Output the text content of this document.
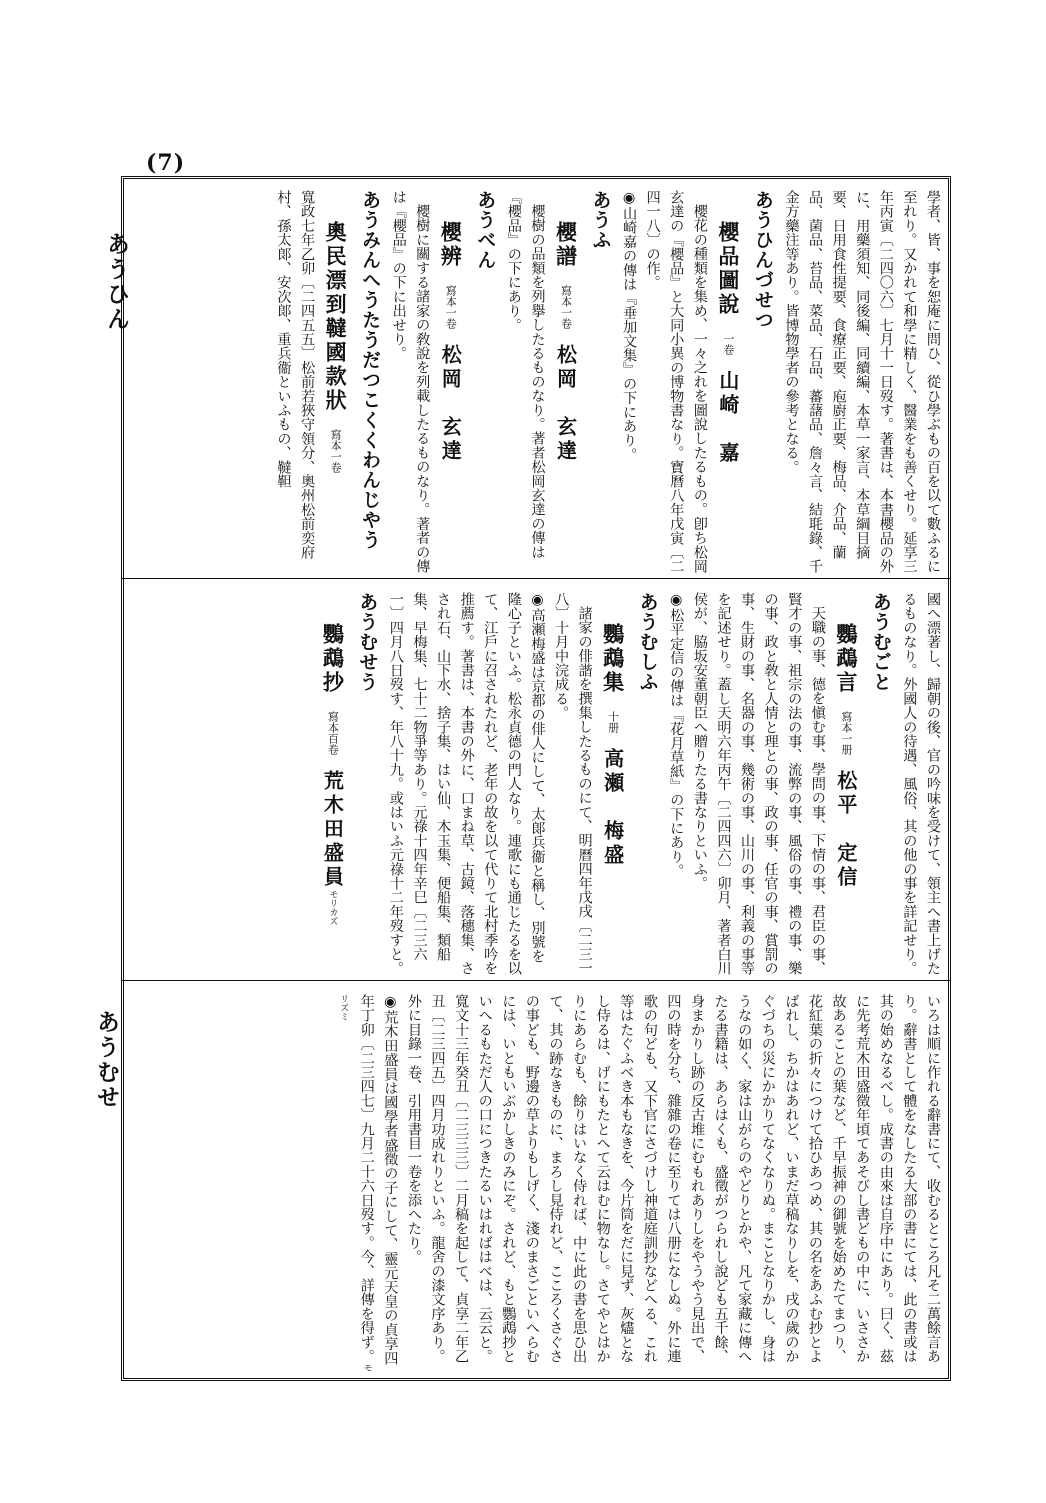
(7)
あうひん
あうむせ

學者、皆、事を恕庵に問ひ、從ひ學ぶもの百を以て數ふるに至れり。又かれて和學に精しく、醫業をも善くせり。延享三年丙寅〔二四〇六〕七月十一日歿す。著書は、本書櫻品の外に、用藥須知、同後編、同續編、本草一家言、本草綱目摘要、日用食性提要、食療正要、庖廚正要、梅品、介品、蘭品、菌品、苔品、菜品、石品、蕃藷品、詹々言、結毦錄、千金方藥注等あり。皆博物學者の參考となる。

あうひんづせつ

櫻品圖說一卷山崎　嘉

櫻花の種類を集め、一々之れを圖說したるもの。卽ち松岡玄達の『櫻品』と大同小異の博物書なり。寶曆八年戊寅〔二四一八〕の作。

◉山崎嘉の傳は『垂加文集』の下にあり。

あうふ

櫻譜寫本一卷松岡　玄達

櫻樹の品類を列擧したるものなり。著者松岡玄達の傳は『櫻品』の下にあり。

あうべん

櫻辨寫本一卷松岡　玄達

櫻樹に關する諸家の敎說を列載したるものなり。著者の傳は『櫻品』の下に出せり。

あうみんへうたうだつこくくわんじやう

奧民漂到韃國款狀寫本一卷

寬政七年乙卯〔二四五五〕松前若狹守領分、奧州松前奕府村、孫太郞、安次郞、重兵衞といふもの、韃靼

國へ漂著し、歸朝の後、官の吟味を受けて、領主へ書上げたるものなり。外國人の待遇、風俗、其の他の事を詳記せり。

あうむごと

鸚鵡言寫本一册松平　定信

天職の事、德を愼む事、學問の事、下情の事、君臣の事、賢才の事、祖宗の法の事、流弊の事、風俗の事、禮の事、樂の事、政と敎と人情と理との事、政の事、任官の事、賞罰の事、生財の事、名器の事、幾術の事、山川の事、利義の事等を記述せり。蓋し天明六年丙午〔二四四六〕卯月、著者白川侯が、脇坂安董朝臣へ贈りたる書なりといふ。

◉松平定信の傳は『花月草紙』の下にあり。

あうむしふ

鸚鵡集十册高瀬　梅盛

諸家の俳諧を撰集したるものにて、明曆四年戊戌〔二三一八〕十月中浣成る。

◉高瀬梅盛は京都の俳人にして、太郞兵衞と稱し、別號を隆心子といふ。松永貞德の門人なり。連歌にも通じたるを以て、江戶に召されたれど、老年の故を以て代りて北村季吟を推薦す。著書は、本書の外に、口まね草、古鏡、落穗集、さされ石、山下水、捨子集、はい仙、木玉集、便船集、類船集、早梅集、七十二物爭等あり。元祿十四年辛巳〔二三六一〕四月八日歿す、年八十九。或はいふ元祿十二年歿すと。

あうむせう

鸚鵡抄寫本百卷荒木田盛員モリカズ

いろは順に作れる辭書にて、收むるところ凡そ二萬餘言あり。辭書として體をなしたる大部の書にては、此の書或は其の始めなるべし。成書の由來は自序中にあり。曰く、茲に先考荒木田盛徵年頃てあそびし書どもの中に、いささか故あることの葉など、千早振神の御號を始めたてまつり、花紅葉の折々につけて拾ひあつめ、其の名をあふむ抄とよばれし、ちかはあれど、いまだ草稿なりしを、戌の歲のかぐづちの災にかかりてなくなりぬ。まことなりかし、身はうなの如く、家は山がらのやどりとかや、凡て家藏に傳へたる書籍は、あらはくも、盛徵がつられし說ども五千餘、身まかりし跡の反古堆にむもれありしをやうやう見出で、四の時を分ち、雜雜の卷に至りては八册になしぬ。外に連歌の句ども、又下官にさづけし神道庭訓抄などへる、これ等はたぐふべき本もなきを、今片筒をだに見ず、灰燼となし侍るは、げにもたとへて云はむに物なし。さてやとはかりにあらむも、餘りはいなく侍れば、中に此の書を思ひ出て、其の跡なきものに、まろし見侍れど、こころくさぐさの事ども、野邊の草よりもしげく、淺のまさごといへらむには、いともいぶかしきのみにぞ。されど、もと鸚鵡抄といへるもただ人の口につきたるいはればはべは、云云と。寬文十三年癸丑〔二三三三〕二月稿を起して、貞享二年乙丑〔二三四五〕四月功成れりといふ。龍舍の漆文序あり。外に目錄一卷、引用書目一卷を添へたり。

◉荒木田盛員は國學者盛徵の子にして、靈元天皇の貞享四年丁卯〔二三四七〕九月二十六日歿す。今、詳傳を得ず。モリズミ
